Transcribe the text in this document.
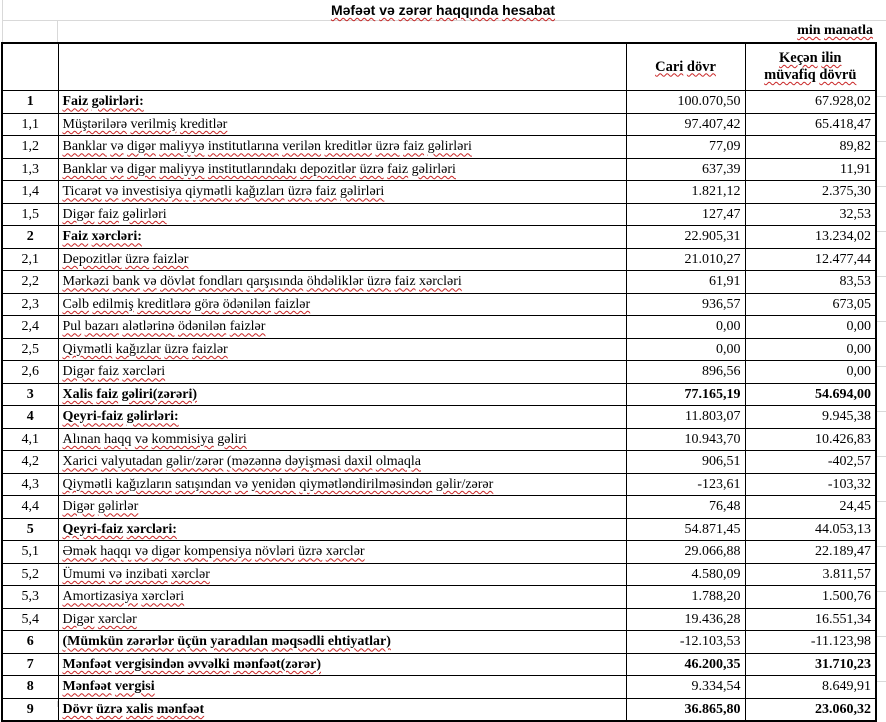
Məfəət və zərər haqqında hesabat
min manatla
		Cari dövr	Keçən ilin müvafiq dövrü
1	Faiz gəlirləri:	100.070,50	67.928,02
1,1	Müştərilərə verilmiş kreditlər	97.407,42	65.418,47
1,2	Banklar və digər maliyyə institutlarına verilən kreditlər üzrə faiz gəlirləri	77,09	89,82
1,3	Banklar və digər maliyyə institutlarındakı depozitlər üzrə faiz gəlirləri	637,39	11,91
1,4	Ticarət və investisiya qiymətli kağızları üzrə faiz gəlirləri	1.821,12	2.375,30
1,5	Digər faiz gəlirləri	127,47	32,53
2	Faiz xərcləri:	22.905,31	13.234,02
2,1	Depozitlər üzrə faizlər	21.010,27	12.477,44
2,2	Mərkəzi bank və dövlət fondları qarşısında öhdəliklər üzrə faiz xərcləri	61,91	83,53
2,3	Cəlb edilmiş kreditlərə görə ödənilən faizlər	936,57	673,05
2,4	Pul bazarı alətlərinə ödənilən faizlər	0,00	0,00
2,5	Qiymətli kağızlar üzrə faizlər	0,00	0,00
2,6	Digər faiz xərcləri	896,56	0,00
3	Xalis faiz gəliri(zərəri)	77.165,19	54.694,00
4	Qeyri-faiz gəlirləri:	11.803,07	9.945,38
4,1	Alınan haqq və kommisiya gəliri	10.943,70	10.426,83
4,2	Xarici valyutadan gəlir/zərər (məzənnə dəyişməsi daxil olmaqla	906,51	-402,57
4,3	Qiymətli kağızların satışından və yenidən qiymətləndirilməsindən gəlir/zərər	-123,61	-103,32
4,4	Digər gəlirlər	76,48	24,45
5	Qeyri-faiz xərcləri:	54.871,45	44.053,13
5,1	Əmək haqqı və digər kompensiya növləri üzrə xərclər	29.066,88	22.189,47
5,2	Ümumi və inzibati xərclər	4.580,09	3.811,57
5,3	Amortizasiya xərcləri	1.788,20	1.500,76
5,4	Digər xərclər	19.436,28	16.551,34
6	(Mümkün zərərlər üçün yaradılan məqsədli ehtiyatlar)	-12.103,53	-11.123,98
7	Mənfəət vergisindən əvvəlki mənfəət(zərər)	46.200,35	31.710,23
8	Mənfəət vergisi	9.334,54	8.649,91
9	Dövr üzrə xalis mənfəət	36.865,80	23.060,32
